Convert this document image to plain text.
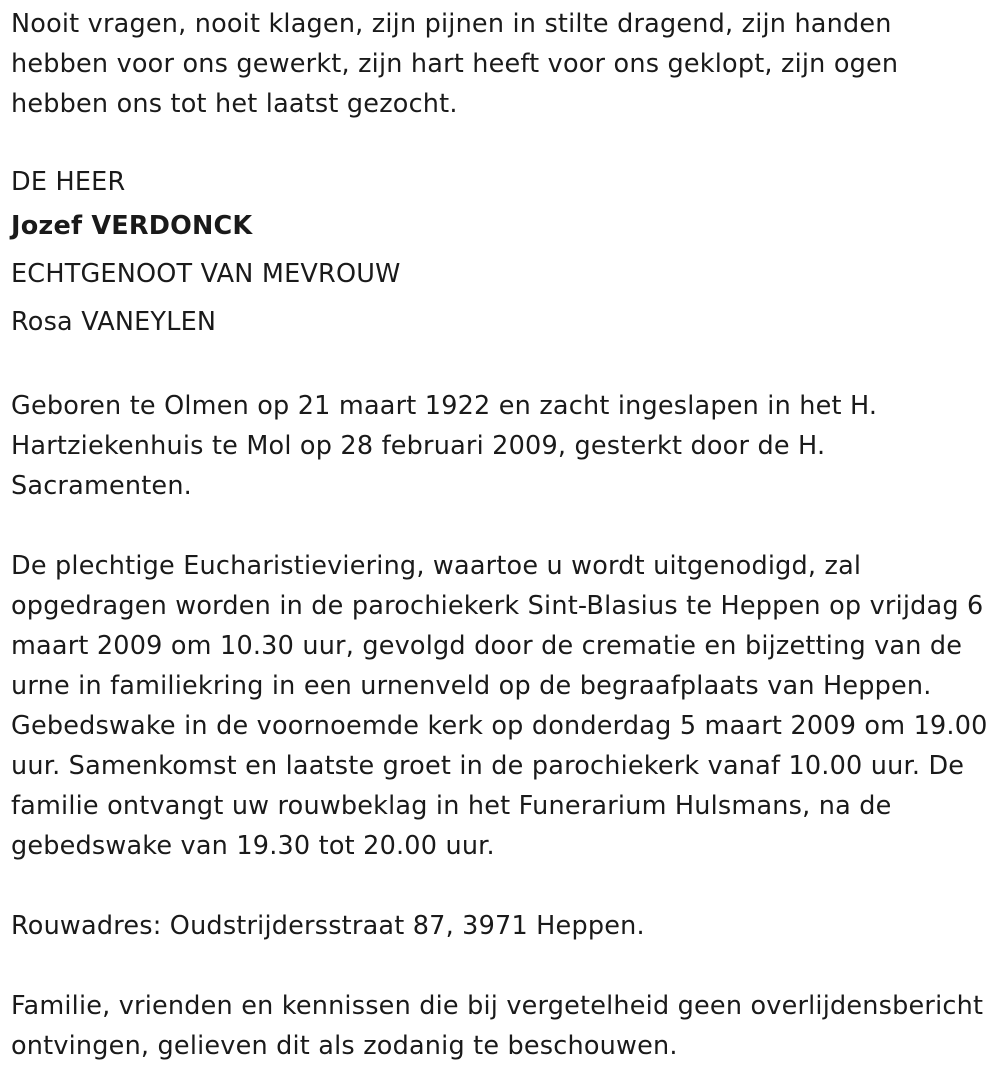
Nooit vragen, nooit klagen, zijn pijnen in stilte dragend, zijn handen hebben voor ons gewerkt, zijn hart heeft voor ons geklopt, zijn ogen hebben ons tot het laatst gezocht.

DE HEER
Jozef VERDONCK
ECHTGENOOT VAN MEVROUW
Rosa VANEYLEN

Geboren te Olmen op 21 maart 1922 en zacht ingeslapen in het H. Hartziekenhuis te Mol op 28 februari 2009, gesterkt door de H. Sacramenten.

De plechtige Eucharistieviering, waartoe u wordt uitgenodigd, zal opgedragen worden in de parochiekerk Sint-Blasius te Heppen op vrijdag 6 maart 2009 om 10.30 uur, gevolgd door de crematie en bijzetting van de urne in familiekring in een urnenveld op de begraafplaats van Heppen. Gebedswake in de voornoemde kerk op donderdag 5 maart 2009 om 19.00 uur. Samenkomst en laatste groet in de parochiekerk vanaf 10.00 uur. De familie ontvangt uw rouwbeklag in het Funerarium Hulsmans, na de gebedswake van 19.30 tot 20.00 uur.

Rouwadres: Oudstrijdersstraat 87, 3971 Heppen.

Familie, vrienden en kennissen die bij vergetelheid geen overlijdensbericht ontvingen, gelieven dit als zodanig te beschouwen.
